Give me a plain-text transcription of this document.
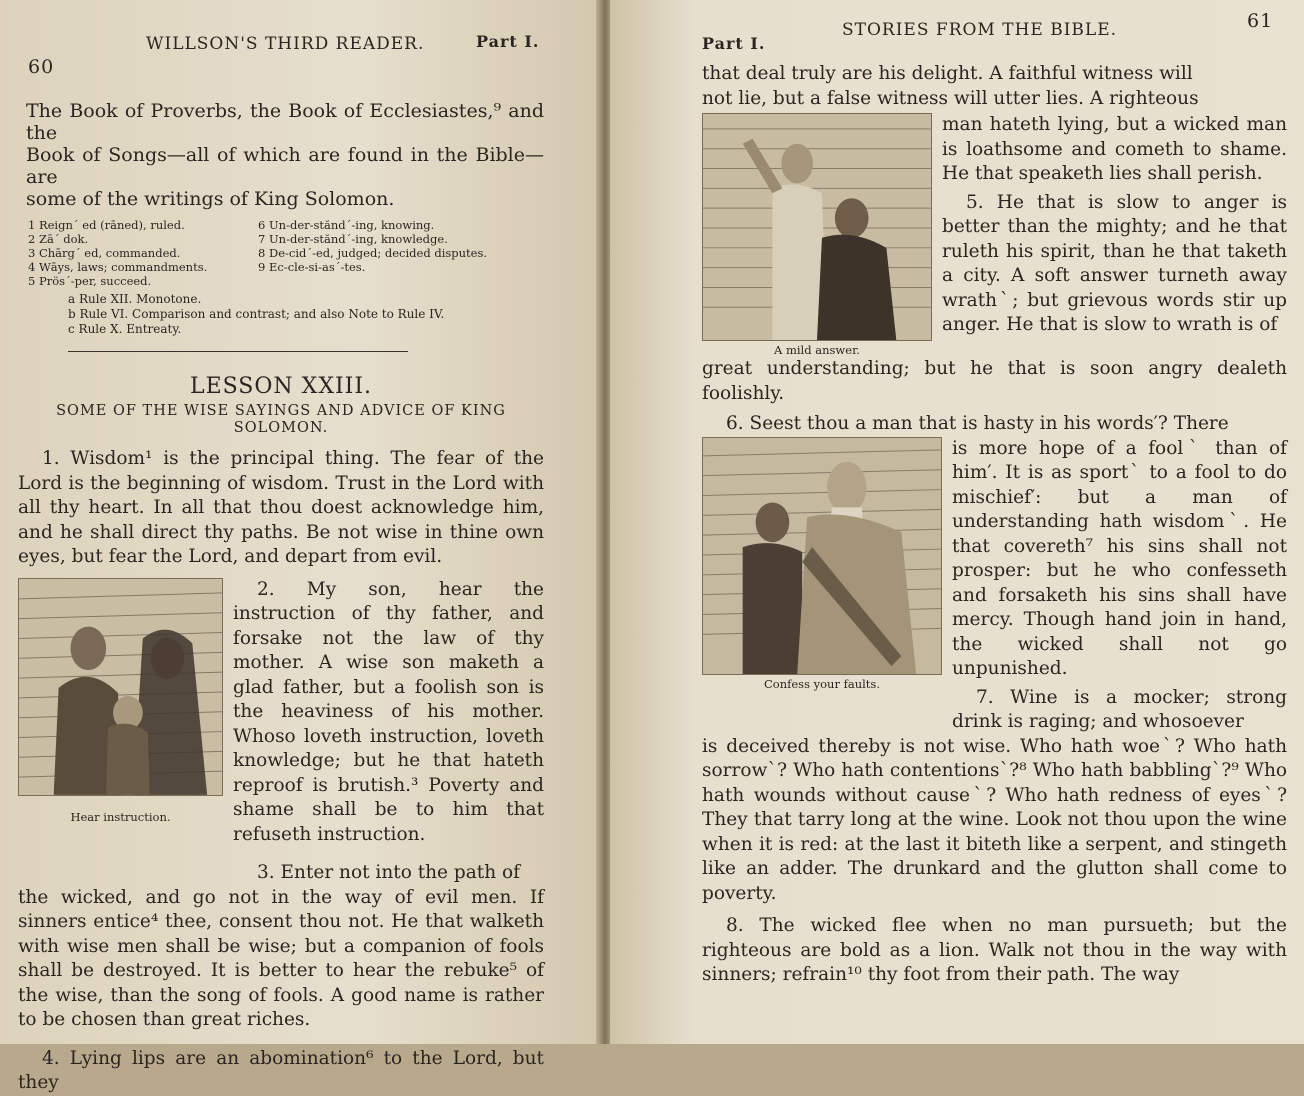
60
WILLSON'S THIRD READER.	Part I.

The Book of Proverbs, the Book of Ecclesiastes,⁹ and the

Book of Songs—all of which are found in the Bible—are

some of the writings of King Solomon.

1 Reign´ ed (rāned), ruled.

2 Zā´ dok.

3 Chārg´ ed, commanded.

4 Wāys, laws; commandments.

5 Prös´-per, succeed.

6 Un-der-stănd´-ing, knowing.

7 Un-der-stănd´-ing, knowledge.

8 De-cid´-ed, judged; decided disputes.

9 Ec-cle-si-as´-tes.

a Rule XII. Monotone.

b Rule VI. Comparison and contrast; and also Note to Rule IV.

c Rule X. Entreaty.

LESSON XXIII.
SOME OF THE WISE SAYINGS AND ADVICE OF KING
SOLOMON.

1. Wisdom¹ is the principal thing. The fear of the Lord is the beginning of wisdom. Trust in the Lord with all thy heart. In all that thou doest acknowledge him, and he shall direct thy paths. Be not wise in thine own eyes, but fear the Lord, and depart from evil.

Hear instruction.

2. My son, hear the instruction of thy father, and forsake not the law of thy mother. A wise son maketh a glad father, but a foolish son is the heaviness of his mother. Whoso loveth instruction, loveth knowledge; but he that hateth reproof is brutish.³ Poverty and shame shall be to him that refuseth instruction.

3. Enter not into the path of

the wicked, and go not in the way of evil men. If sinners entice⁴ thee, consent thou not. He that walketh with wise men shall be wise; but a companion of fools shall be destroyed. It is better to hear the rebuke⁵ of the wise, than the song of fools. A good name is rather to be chosen than great riches.

4. Lying lips are an abomination⁶ to the Lord, but they

Part I.
STORIES FROM THE BIBLE.	61

that deal truly are his delight. A faithful witness will

not lie, but a false witness will utter lies. A righteous

A mild answer.

man hateth lying, but a wicked man is loathsome and cometh to shame. He that speaketh lies shall perish.

5. He that is slow to anger is better than the mighty; and he that ruleth his spirit, than he that taketh a city. A soft answer turneth away wrathˋ; but grievous words stir up anger. He that is slow to wrath is of

great understanding; but he that is soon angry dealeth foolishly.

6. Seest thou a man that is hasty in his words′? There

Confess your faults.

is more hope of a foolˋ than of him′. It is as sportˋ to a fool to do mischief′: but a man of understanding hath wisdomˋ. He that covereth⁷ his sins shall not prosper: but he who confesseth and forsaketh his sins shall have mercy. Though hand join in hand, the wicked shall not go unpunished.

7. Wine is a mocker; strong drink is raging; and whosoever

is deceived thereby is not wise. Who hath woeˋ? Who hath sorrowˋ? Who hath contentionsˋ?⁸ Who hath babblingˋ?⁹ Who hath wounds without causeˋ? Who hath redness of eyesˋ? They that tarry long at the wine. Look not thou upon the wine when it is red: at the last it biteth like a serpent, and stingeth like an adder. The drunkard and the glutton shall come to poverty.

8. The wicked flee when no man pursueth; but the righteous are bold as a lion. Walk not thou in the way with sinners; refrain¹⁰ thy foot from their path. The way
